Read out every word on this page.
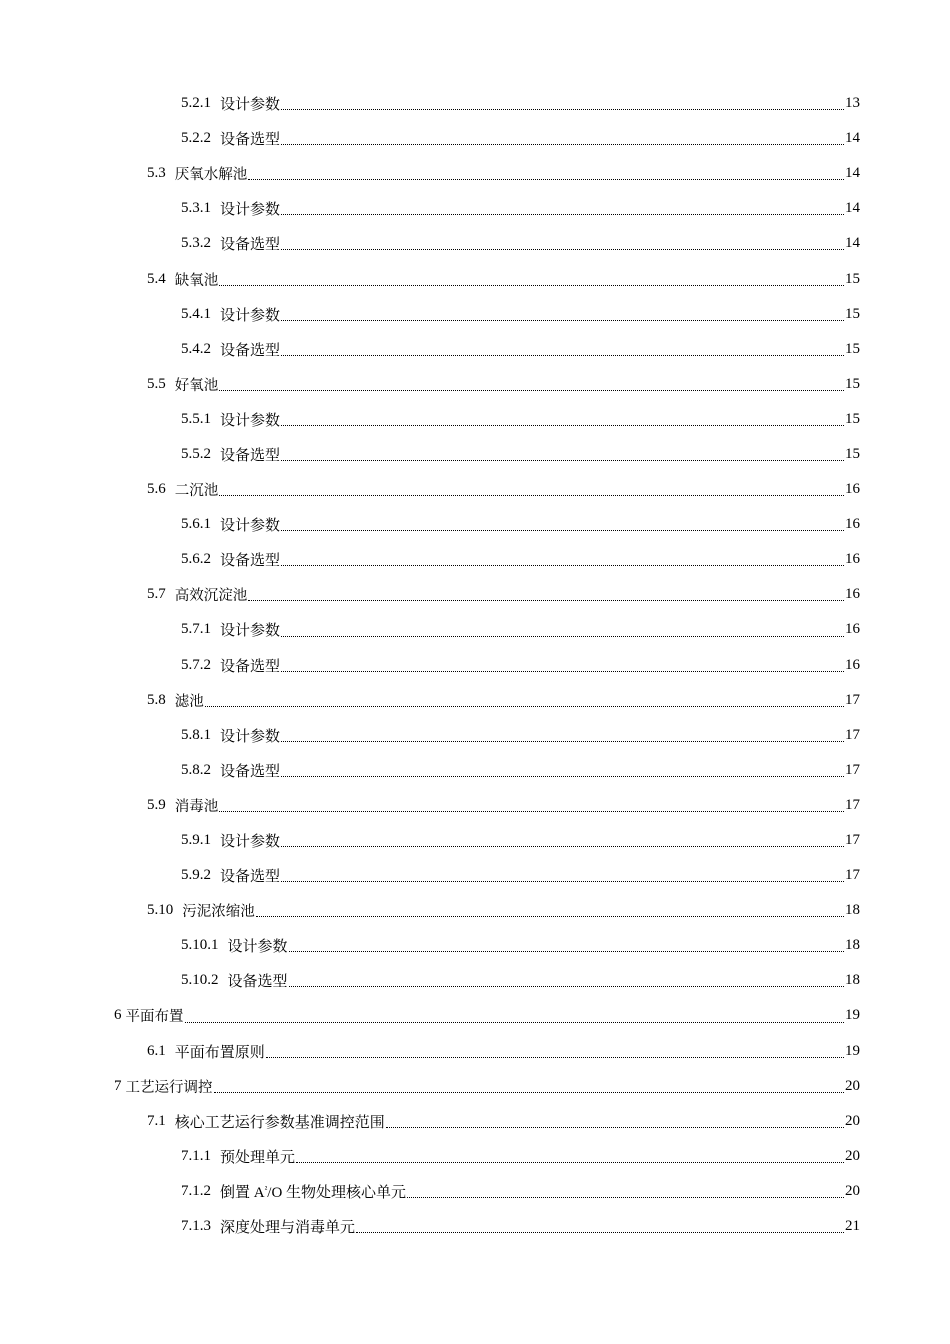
5.2.1 设计参数	13
5.2.2 设备选型	14
5.3 厌氧水解池	14
5.3.1 设计参数	14
5.3.2 设备选型	14
5.4 缺氧池	15
5.4.1 设计参数	15
5.4.2 设备选型	15
5.5 好氧池	15
5.5.1 设计参数	15
5.5.2 设备选型	15
5.6 二沉池	16
5.6.1 设计参数	16
5.6.2 设备选型	16
5.7 高效沉淀池	16
5.7.1 设计参数	16
5.7.2 设备选型	16
5.8 滤池	17
5.8.1 设计参数	17
5.8.2 设备选型	17
5.9 消毒池	17
5.9.1 设计参数	17
5.9.2 设备选型	17
5.10 污泥浓缩池	18
5.10.1 设计参数	18
5.10.2 设备选型	18
6 平面布置	19
6.1 平面布置原则	19
7 工艺运行调控	20
7.1 核心工艺运行参数基准调控范围	20
7.1.1 预处理单元	20
7.1.2 倒置 $A^{^2}/O$ 生物处理核心单元	20
7.1.3 深度处理与消毒单元	21
